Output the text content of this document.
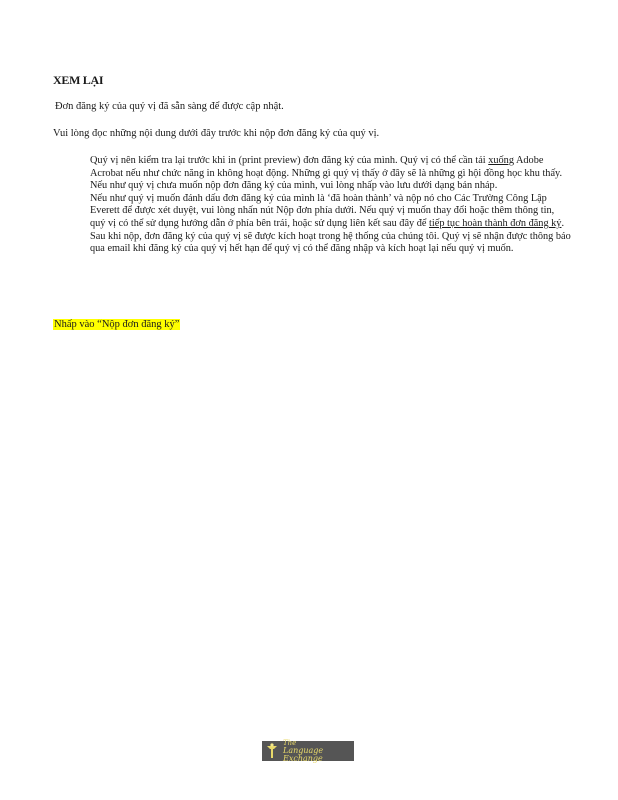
XEM LẠI
Đơn đăng ký của quý vị đã sẵn sàng để được cập nhật.
Vui lòng đọc những nội dung dưới đây trước khi nộp đơn đăng ký của quý vị.
Quý vị nên kiểm tra lại trước khi in (print preview) đơn đăng ký của mình. Quý vị có thể cần tải xuống Adobe Acrobat nếu như chức năng in không hoạt động. Những gì quý vị thấy ở đây sẽ là những gì hội đồng học khu thấy.
Nếu như quý vị chưa muốn nộp đơn đăng ký của mình, vui lòng nhấp vào lưu dưới dạng bản nháp.
Nếu như quý vị muốn đánh dấu đơn đăng ký của mình là ‘đã hoàn thành’ và nộp nó cho Các Trường Công Lập Everett để được xét duyệt, vui lòng nhấn nút Nộp đơn phía dưới. Nếu quý vị muốn thay đổi hoặc thêm thông tin, quý vị có thể sử dụng hướng dẫn ở phía bên trái, hoặc sử dụng liên kết sau đây để tiếp tục hoàn thành đơn đăng ký.
Sau khi nộp, đơn đăng ký của quý vị sẽ được kích hoạt trong hệ thống của chúng tôi. Quý vị sẽ nhận được thông báo qua email khi đăng ký của quý vị hết hạn để quý vị có thể đăng nhập và kích hoạt lại nếu quý vị muốn.
Nhấp vào “Nộp đơn đăng ký”
The
Language Exchange
